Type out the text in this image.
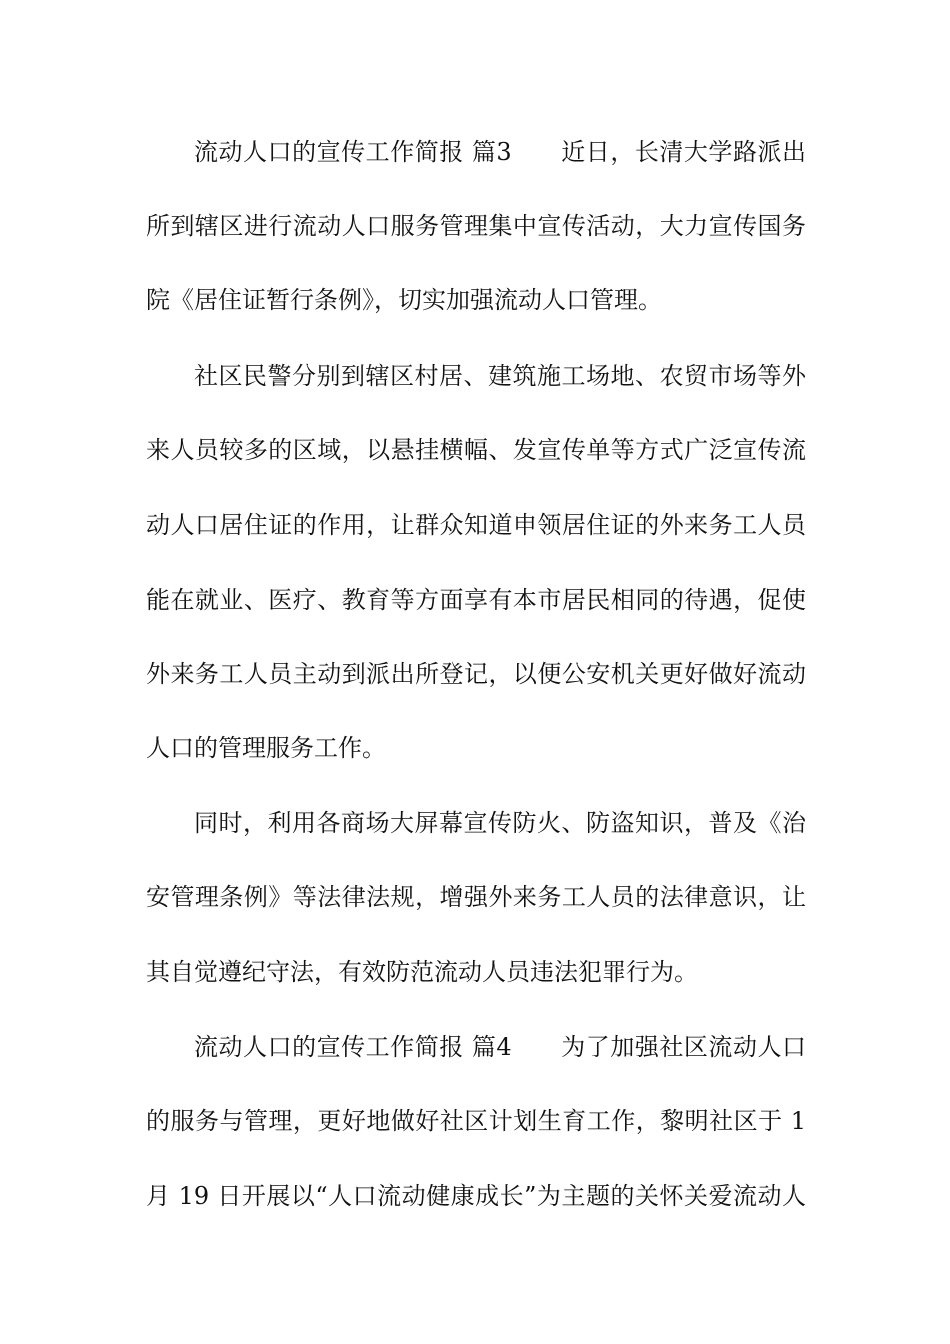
流动人口的宣传工作简报 篇3　　近日，长清大学路派出
所到辖区进行流动人口服务管理集中宣传活动，大力宣传国务
院《居住证暂行条例》，切实加强流动人口管理。
社区民警分别到辖区村居、建筑施工场地、农贸市场等外
来人员较多的区域，以悬挂横幅、发宣传单等方式广泛宣传流
动人口居住证的作用，让群众知道申领居住证的外来务工人员
能在就业、医疗、教育等方面享有本市居民相同的待遇，促使
外来务工人员主动到派出所登记，以便公安机关更好做好流动
人口的管理服务工作。
同时，利用各商场大屏幕宣传防火、防盗知识，普及《治
安管理条例》等法律法规，增强外来务工人员的法律意识，让
其自觉遵纪守法，有效防范流动人员违法犯罪行为。
流动人口的宣传工作简报 篇4　　为了加强社区流动人口
的服务与管理，更好地做好社区计划生育工作，黎明社区于 1
月 19 日开展以“人口流动健康成长”为主题的关怀关爱流动人
